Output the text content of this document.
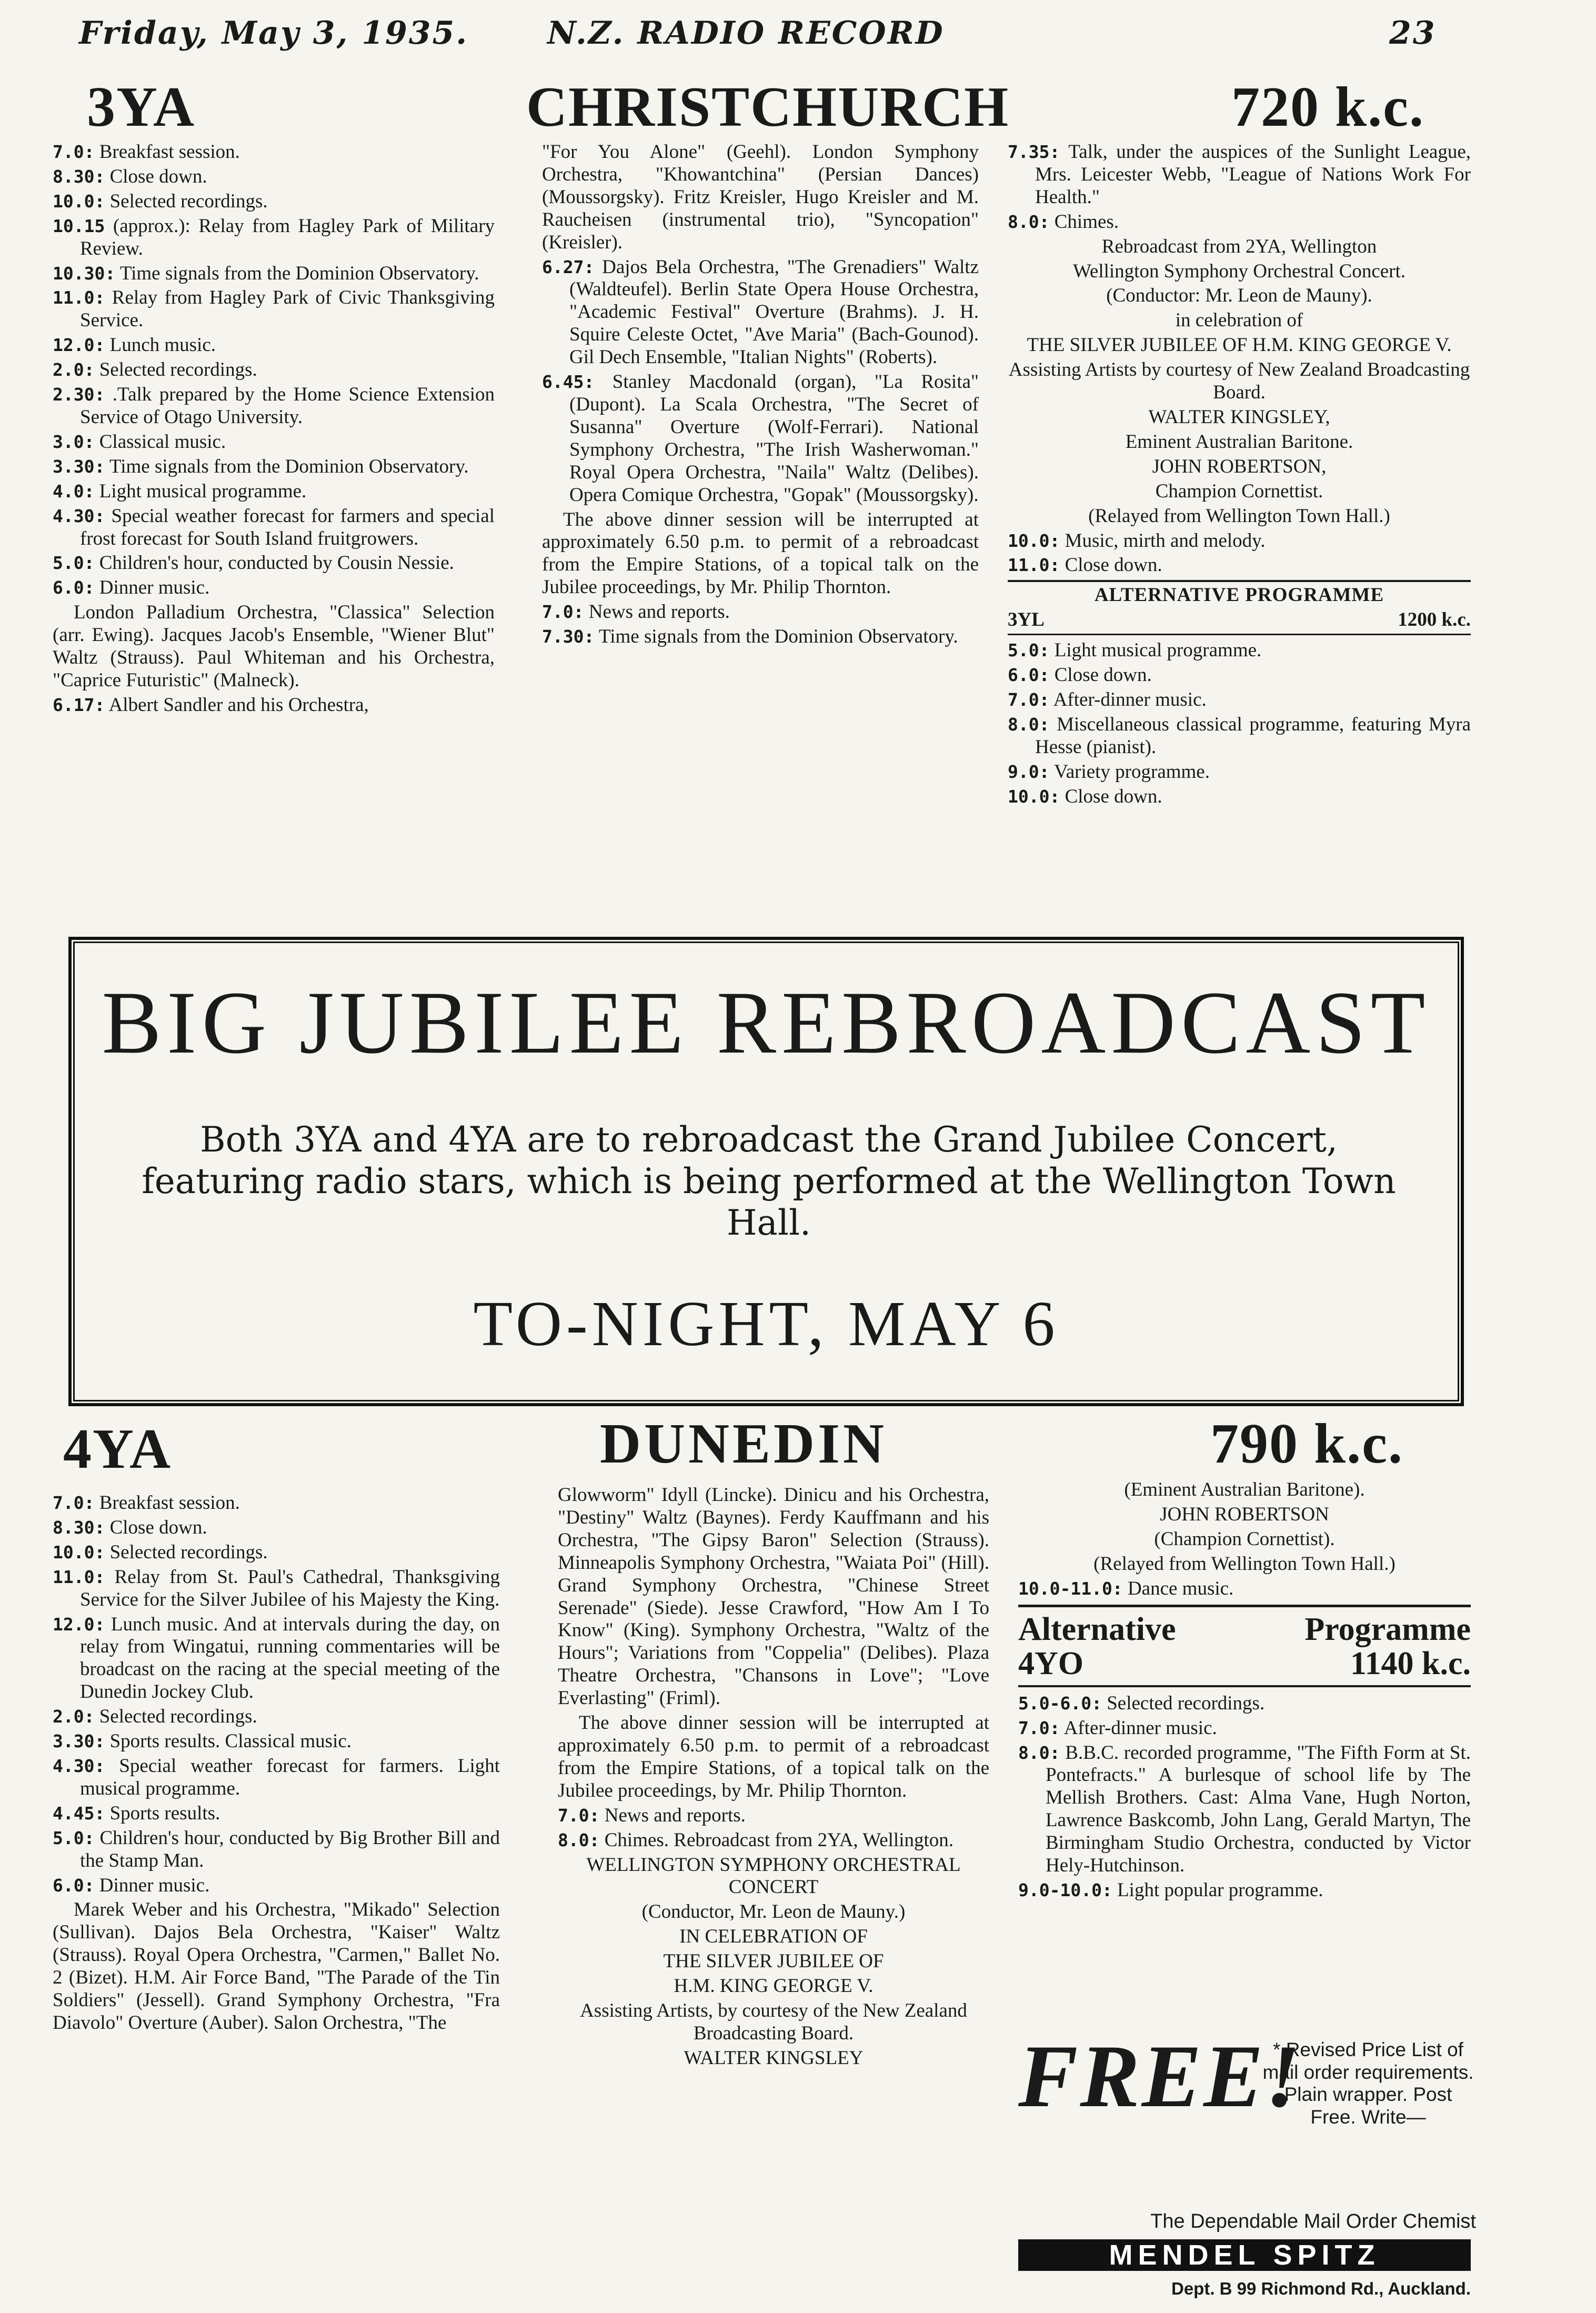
Friday, May 3, 1935. N.Z. RADIO RECORD	23
3YA	CHRISTCHURCH	720 k.c.

7.0: Breakfast session.

8.30: Close down.

10.0: Selected recordings.

10.15 (approx.): Relay from Hagley Park of Military Review.

10.30: Time signals from the Dominion Observatory.

11.0: Relay from Hagley Park of Civic Thanksgiving Service.

12.0: Lunch music.

2.0: Selected recordings.

2.30: .Talk prepared by the Home Science Extension Service of Otago University.

3.0: Classical music.

3.30: Time signals from the Dominion Observatory.

4.0: Light musical programme.

4.30: Special weather forecast for farmers and special frost forecast for South Island fruitgrowers.

5.0: Children's hour, conducted by Cousin Nessie.

6.0: Dinner music.

London Palladium Orchestra, "Classica" Selection (arr. Ewing). Jacques Jacob's Ensemble, "Wiener Blut" Waltz (Strauss). Paul Whiteman and his Orchestra, "Caprice Futuristic" (Malneck).

6.17: Albert Sandler and his Orchestra,

"For You Alone" (Geehl). London Symphony Orchestra, "Khowantchina" (Persian Dances) (Moussorgsky). Fritz Kreisler, Hugo Kreisler and M. Raucheisen (instrumental trio), "Syncopation" (Kreisler).

6.27: Dajos Bela Orchestra, "The Grenadiers" Waltz (Waldteufel). Berlin State Opera House Orchestra, "Academic Festival" Overture (Brahms). J. H. Squire Celeste Octet, "Ave Maria" (Bach-Gounod). Gil Dech Ensemble, "Italian Nights" (Roberts).

6.45: Stanley Macdonald (organ), "La Rosita" (Dupont). La Scala Orchestra, "The Secret of Susanna" Overture (Wolf-Ferrari). National Symphony Orchestra, "The Irish Washerwoman." Royal Opera Orchestra, "Naila" Waltz (Delibes). Opera Comique Orchestra, "Gopak" (Moussorgsky).

The above dinner session will be interrupted at approximately 6.50 p.m. to permit of a rebroadcast from the Empire Stations, of a topical talk on the Jubilee proceedings, by Mr. Philip Thornton.

7.0: News and reports.

7.30: Time signals from the Dominion Observatory.

7.35: Talk, under the auspices of the Sunlight League, Mrs. Leicester Webb, "League of Nations Work For Health."

8.0: Chimes.

Rebroadcast from 2YA, Wellington

Wellington Symphony Orchestral Concert.

(Conductor: Mr. Leon de Mauny).

in celebration of

THE SILVER JUBILEE OF H.M. KING GEORGE V.

Assisting Artists by courtesy of New Zealand Broadcasting Board.

WALTER KINGSLEY,

Eminent Australian Baritone.

JOHN ROBERTSON,

Champion Cornettist.

(Relayed from Wellington Town Hall.)

10.0: Music, mirth and melody.

11.0: Close down.

ALTERNATIVE PROGRAMME

3YL	1200 k.c.

5.0: Light musical programme.

6.0: Close down.

7.0: After-dinner music.

8.0: Miscellaneous classical programme, featuring Myra Hesse (pianist).

9.0: Variety programme.

10.0: Close down.

BIG JUBILEE REBROADCAST
Both 3YA and 4YA are to rebroadcast the Grand Jubilee Concert, featuring radio stars, which is being performed at the Wellington Town Hall.
TO-NIGHT, MAY 6
4YA	DUNEDIN	790 k.c.

7.0: Breakfast session.

8.30: Close down.

10.0: Selected recordings.

11.0: Relay from St. Paul's Cathedral, Thanksgiving Service for the Silver Jubilee of his Majesty the King.

12.0: Lunch music. And at intervals during the day, on relay from Wingatui, running commentaries will be broadcast on the racing at the special meeting of the Dunedin Jockey Club.

2.0: Selected recordings.

3.30: Sports results. Classical music.

4.30: Special weather forecast for farmers. Light musical programme.

4.45: Sports results.

5.0: Children's hour, conducted by Big Brother Bill and the Stamp Man.

6.0: Dinner music.

Marek Weber and his Orchestra, "Mikado" Selection (Sullivan). Dajos Bela Orchestra, "Kaiser" Waltz (Strauss). Royal Opera Orchestra, "Carmen," Ballet No. 2 (Bizet). H.M. Air Force Band, "The Parade of the Tin Soldiers" (Jessell). Grand Symphony Orchestra, "Fra Diavolo" Overture (Auber). Salon Orchestra, "The

Glowworm" Idyll (Lincke). Dinicu and his Orchestra, "Destiny" Waltz (Baynes). Ferdy Kauffmann and his Orchestra, "The Gipsy Baron" Selection (Strauss). Minneapolis Symphony Orchestra, "Waiata Poi" (Hill). Grand Symphony Orchestra, "Chinese Street Serenade" (Siede). Jesse Crawford, "How Am I To Know" (King). Symphony Orchestra, "Waltz of the Hours"; Variations from "Coppelia" (Delibes). Plaza Theatre Orchestra, "Chansons in Love"; "Love Everlasting" (Friml).

The above dinner session will be interrupted at approximately 6.50 p.m. to permit of a rebroadcast from the Empire Stations, of a topical talk on the Jubilee proceedings, by Mr. Philip Thornton.

7.0: News and reports.

8.0: Chimes. Rebroadcast from 2YA, Wellington.

WELLINGTON SYMPHONY ORCHESTRAL CONCERT

(Conductor, Mr. Leon de Mauny.)

IN CELEBRATION OF

THE SILVER JUBILEE OF

H.M. KING GEORGE V.

Assisting Artists, by courtesy of the New Zealand Broadcasting Board.

WALTER KINGSLEY

(Eminent Australian Baritone).

JOHN ROBERTSON

(Champion Cornettist).

(Relayed from Wellington Town Hall.)

10.0-11.0: Dance music.

Alternative	Programme
4YO	1140 k.c.

5.0-6.0: Selected recordings.

7.0: After-dinner music.

8.0: B.B.C. recorded programme, "The Fifth Form at St. Pontefracts." A burlesque of school life by The Mellish Brothers. Cast: Alma Vane, Hugh Norton, Lawrence Baskcomb, John Lang, Gerald Martyn, The Birmingham Studio Orchestra, conducted by Victor Hely-Hutchinson.

9.0-10.0: Light popular programme.

FREE!
* Revised Price List of mail order requirements. Plain wrapper. Post Free. Write—
The Dependable Mail Order Chemist
MENDEL SPITZ
Dept. B 99 Richmond Rd., Auckland.
